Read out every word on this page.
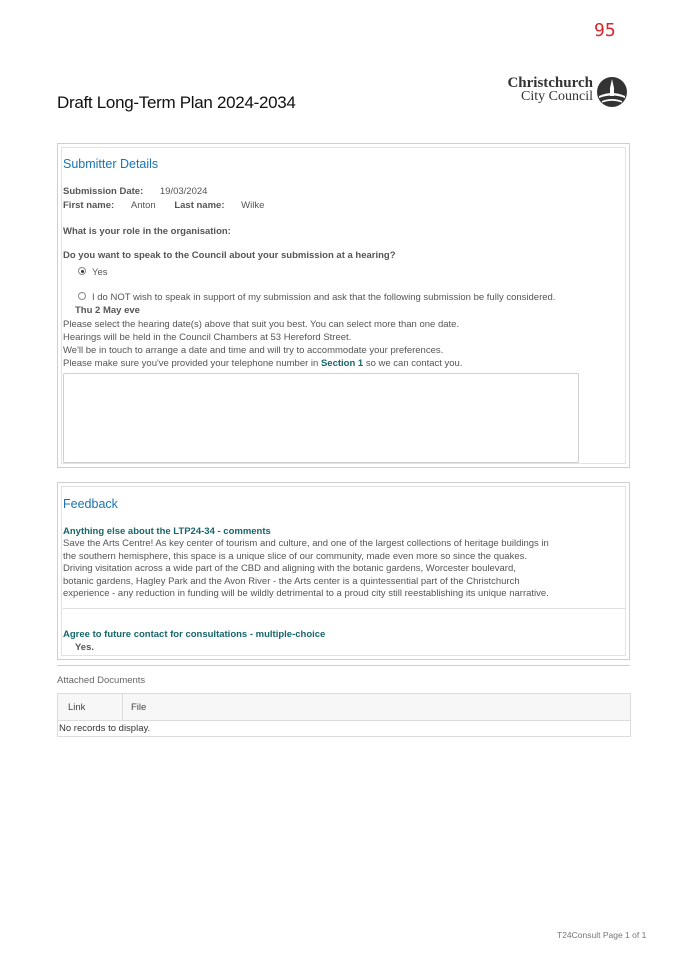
95
Draft Long-Term Plan 2024-2034
Christchurch
City Council
Submitter Details
Submission Date: 19/03/2024
First name: Anton Last name: Wilke
What is your role in the organisation:
Do you want to speak to the Council about your submission at a hearing?
Yes
I do NOT wish to speak in support of my submission and ask that the following submission be fully considered.
Thu 2 May eve
Please select the hearing date(s) above that suit you best. You can select more than one date.
Hearings will be held in the Council Chambers at 53 Hereford Street.
We'll be in touch to arrange a date and time and will try to accommodate your preferences.
Please make sure you've provided your telephone number in Section 1 so we can contact you.
Feedback
Anything else about the LTP24-34 - comments
Save the Arts Centre! As key center of tourism and culture, and one of the largest collections of heritage buildings in
the southern hemisphere, this space is a unique slice of our community, made even more so since the quakes.
Driving visitation across a wide part of the CBD and aligning with the botanic gardens, Worcester boulevard,
botanic gardens, Hagley Park and the Avon River - the Arts center is a quintessential part of the Christchurch
experience - any reduction in funding will be wildly detrimental to a proud city still reestablishing its unique narrative.
Agree to future contact for consultations - multiple-choice
Yes.
Attached Documents
Link	File
No records to display.
T24Consult Page 1 of 1
